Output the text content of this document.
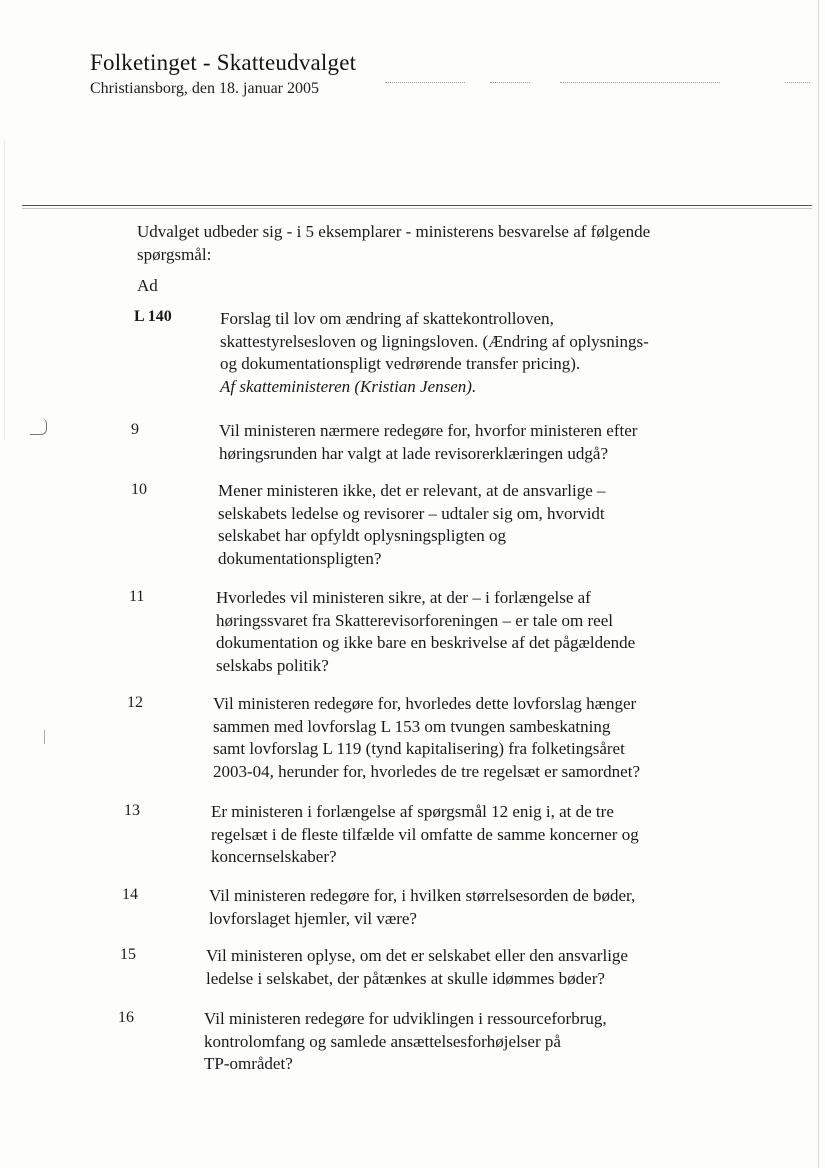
Folketinget - Skatteudvalget
Christiansborg, den 18. januar 2005
Udvalget udbeder sig - i 5 eksemplarer - ministerens besvarelse af følgende spørgsmål:
Ad
L 140	Forslag til lov om ændring af skattekontrolloven,
skattestyrelsesloven og ligningsloven. (Ændring af oplysnings-
og dokumentationspligt vedrørende transfer pricing).
Af skatteministeren (Kristian Jensen).
9	Vil ministeren nærmere redegøre for, hvorfor ministeren efter
høringsrunden har valgt at lade revisorerklæringen udgå?
10	Mener ministeren ikke, det er relevant, at de ansvarlige –
selskabets ledelse og revisorer – udtaler sig om, hvorvidt
selskabet har opfyldt oplysningspligten og
dokumentationspligten?
11	Hvorledes vil ministeren sikre, at der – i forlængelse af
høringssvaret fra Skatterevisorforeningen – er tale om reel
dokumentation og ikke bare en beskrivelse af det pågældende
selskabs politik?
12	Vil ministeren redegøre for, hvorledes dette lovforslag hænger
sammen med lovforslag L 153 om tvungen sambeskatning
samt lovforslag L 119 (tynd kapitalisering) fra folketingsåret
2003-04, herunder for, hvorledes de tre regelsæt er samordnet?
13	Er ministeren i forlængelse af spørgsmål 12 enig i, at de tre
regelsæt i de fleste tilfælde vil omfatte de samme koncerner og
koncernselskaber?
14	Vil ministeren redegøre for, i hvilken størrelsesorden de bøder,
lovforslaget hjemler, vil være?
15	Vil ministeren oplyse, om det er selskabet eller den ansvarlige
ledelse i selskabet, der påtænkes at skulle idømmes bøder?
16	Vil ministeren redegøre for udviklingen i ressourceforbrug,
kontrolomfang og samlede ansættelsesforhøjelser på
TP-området?
